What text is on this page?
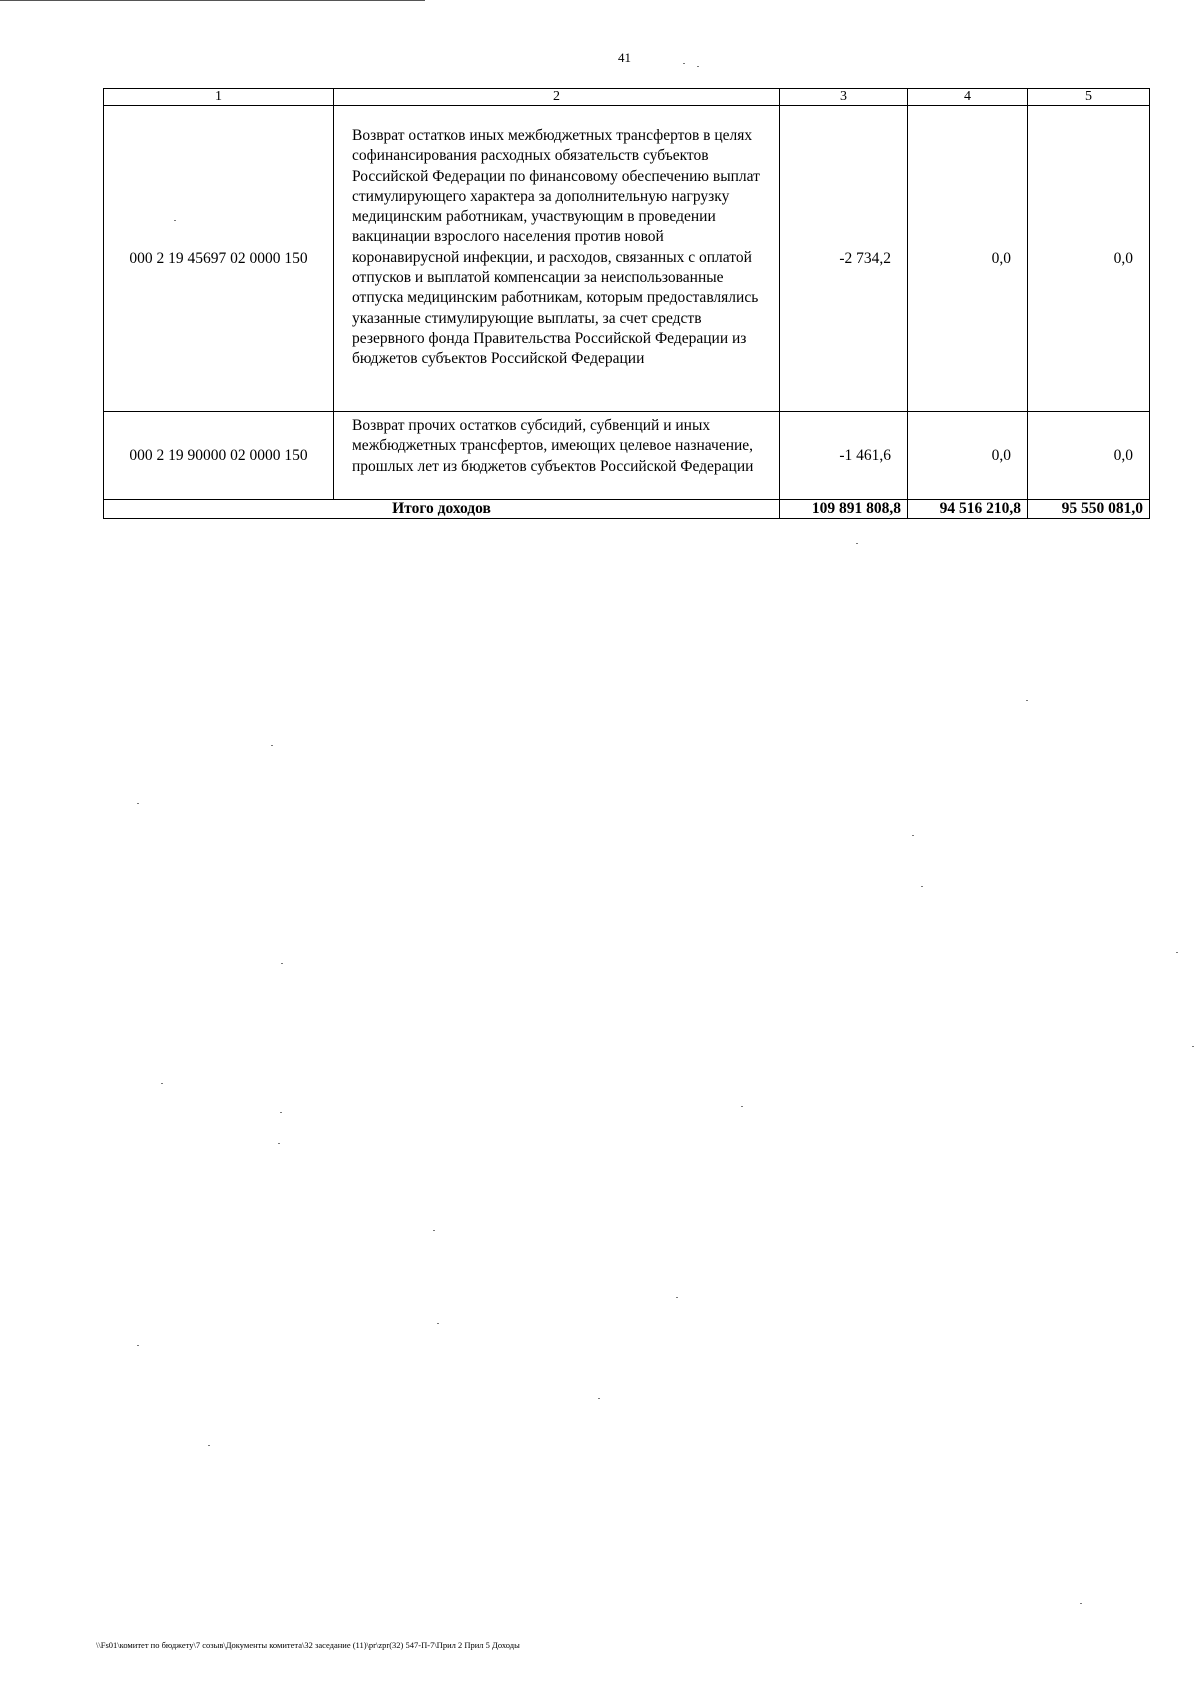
41
1	2	3	4	5
000 2 19 45697 02 0000 150	Возврат остатков иных межбюджетных трансфертов в целях софинансирования расходных обязательств субъектов Российской Федерации по финансовому обеспечению выплат стимулирующего характера за дополнительную нагрузку медицинским работникам, участвующим в проведении вакцинации взрослого населения против новой коронавирусной инфекции, и расходов, связанных с оплатой отпусков и выплатой компенсации за неиспользованные отпуска медицинским работникам, которым предоставлялись указанные стимулирующие выплаты, за счет средств резервного фонда Правительства Российской Федерации из бюджетов субъектов Российской Федерации	-2 734,2	0,0	0,0
000 2 19 90000 02 0000 150	Возврат прочих остатков субсидий, субвенций и иных межбюджетных трансфертов, имеющих целевое назначение, прошлых лет из бюджетов субъектов Российской Федерации	-1 461,6	0,0	0,0
Итого доходов		109 891 808,8	94 516 210,8	95 550 081,0
\\Fs01\комитет по бюджету\7 созыв\Документы комитета\32 заседание (11)\pr\zpr(32) 547-П-7\Прил 2 Прил 5 Доходы
